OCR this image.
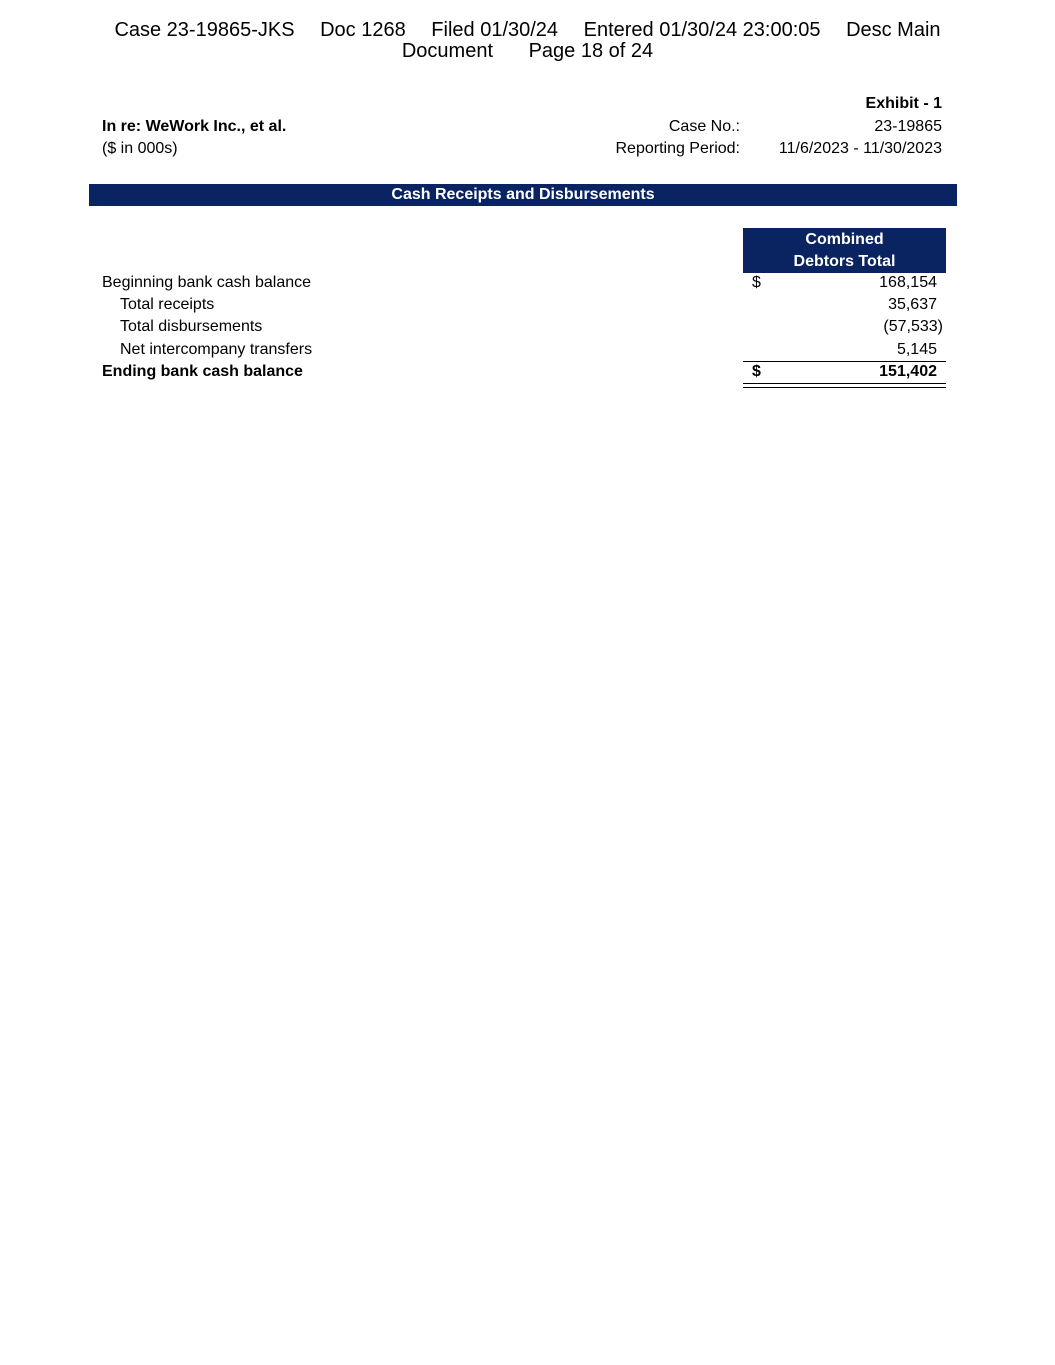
Case 23-19865-JKS Doc 1268 Filed 01/30/24 Entered 01/30/24 23:00:05 Desc Main
Document Page 18 of 24
Exhibit - 1
In re: WeWork Inc., et al.
($ in 000s)
Case No.:	23-19865
Reporting Period: 11/6/2023 - 11/30/2023
Cash Receipts and Disbursements
Combined
Debtors Total
Beginning bank cash balance	$	168,154
Total receipts	35,637
Total disbursements	(57,533)
Net intercompany transfers	5,145
Ending bank cash balance	$	151,402
